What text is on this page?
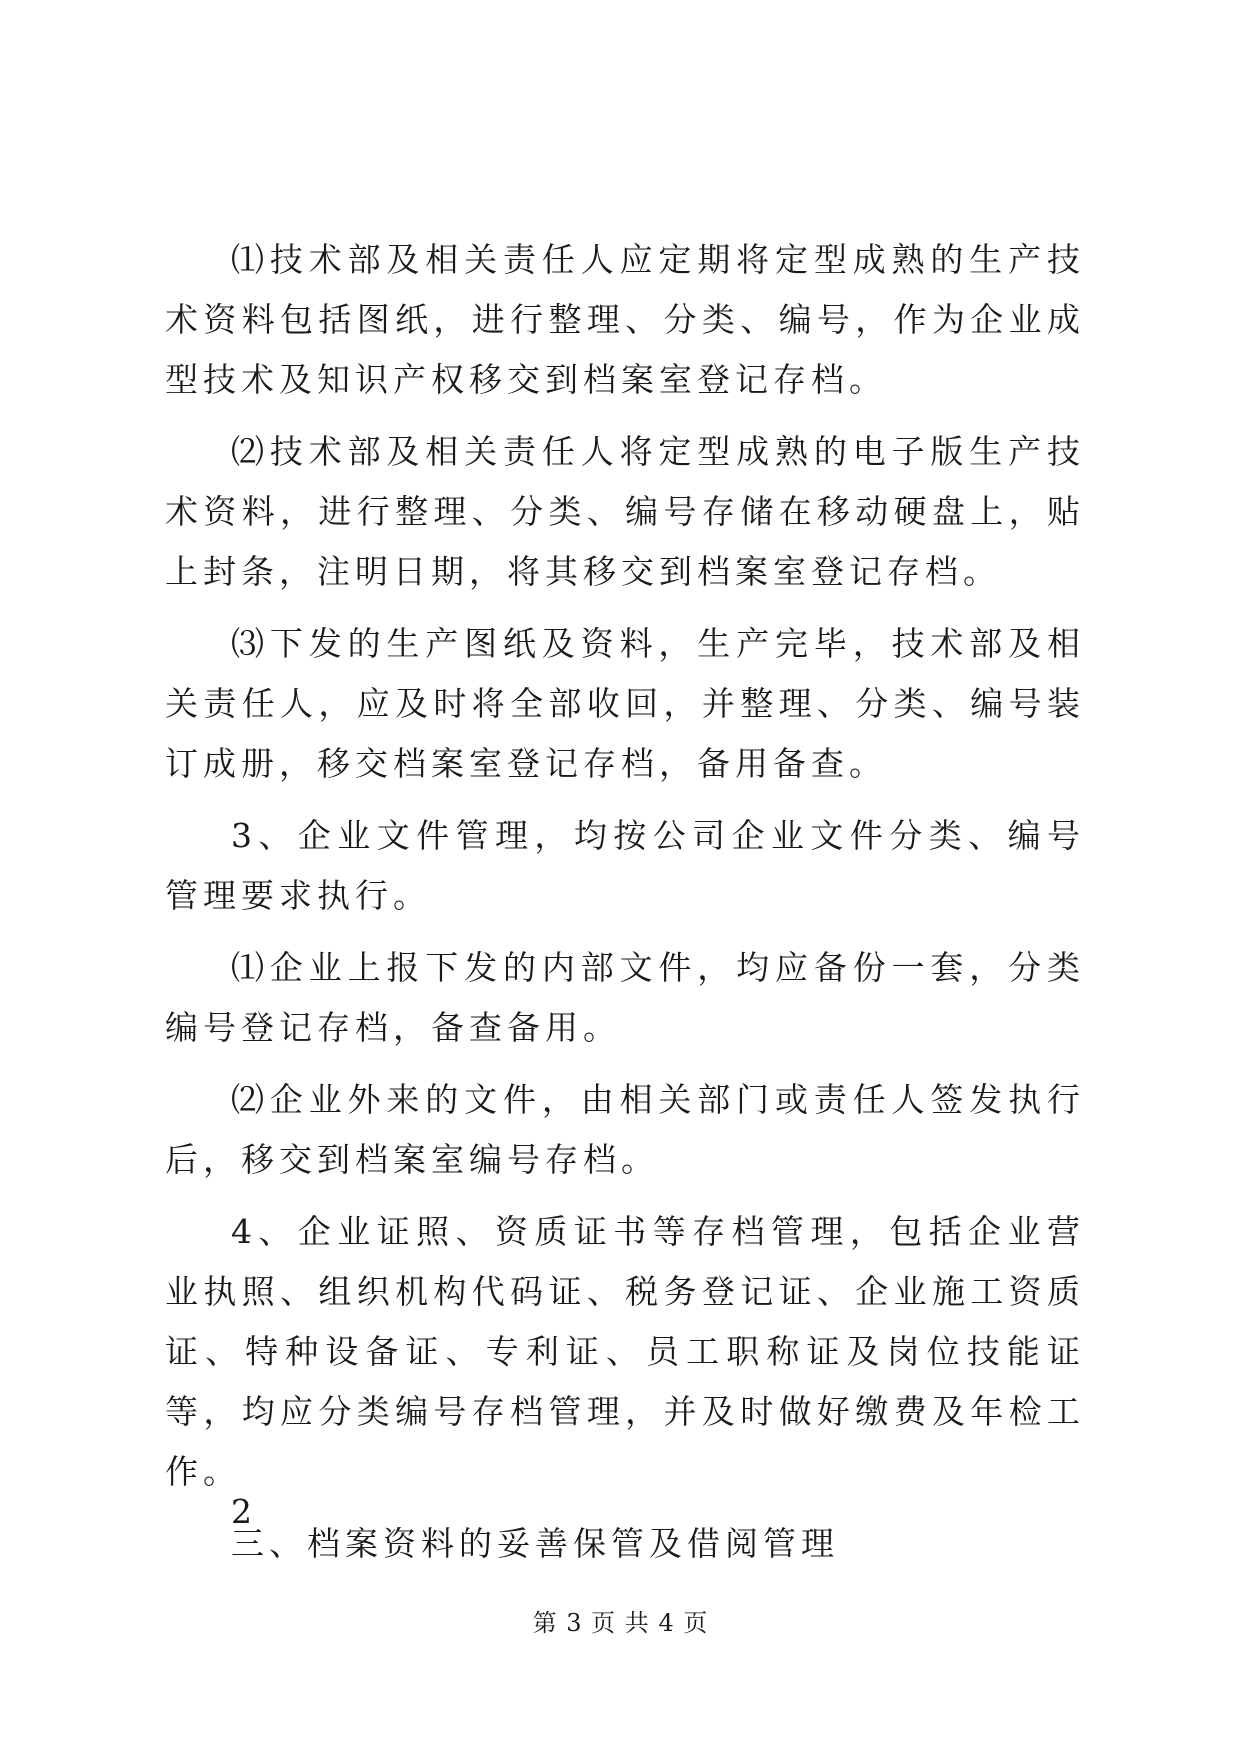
⑴技术部及相关责任人应定期将定型成熟的生产技术资料包括图纸，进行整理、分类、编号，作为企业成型技术及知识产权移交到档案室登记存档。

⑵技术部及相关责任人将定型成熟的电子版生产技术资料，进行整理、分类、编号存储在移动硬盘上，贴上封条，注明日期，将其移交到档案室登记存档。

⑶下发的生产图纸及资料，生产完毕，技术部及相关责任人，应及时将全部收回，并整理、分类、编号装订成册，移交档案室登记存档，备用备查。

3、企业文件管理，均按公司企业文件分类、编号管理要求执行。

⑴企业上报下发的内部文件，均应备份一套，分类编号登记存档，备查备用。

⑵企业外来的文件，由相关部门或责任人签发执行后，移交到档案室编号存档。

4、企业证照、资质证书等存档管理，包括企业营业执照、组织机构代码证、税务登记证、企业施工资质证、特种设备证、专利证、员工职称证及岗位技能证等，均应分类编号存档管理，并及时做好缴费及年检工作。

三、档案资料的妥善保管及借阅管理

2
第 3 页 共 4 页
